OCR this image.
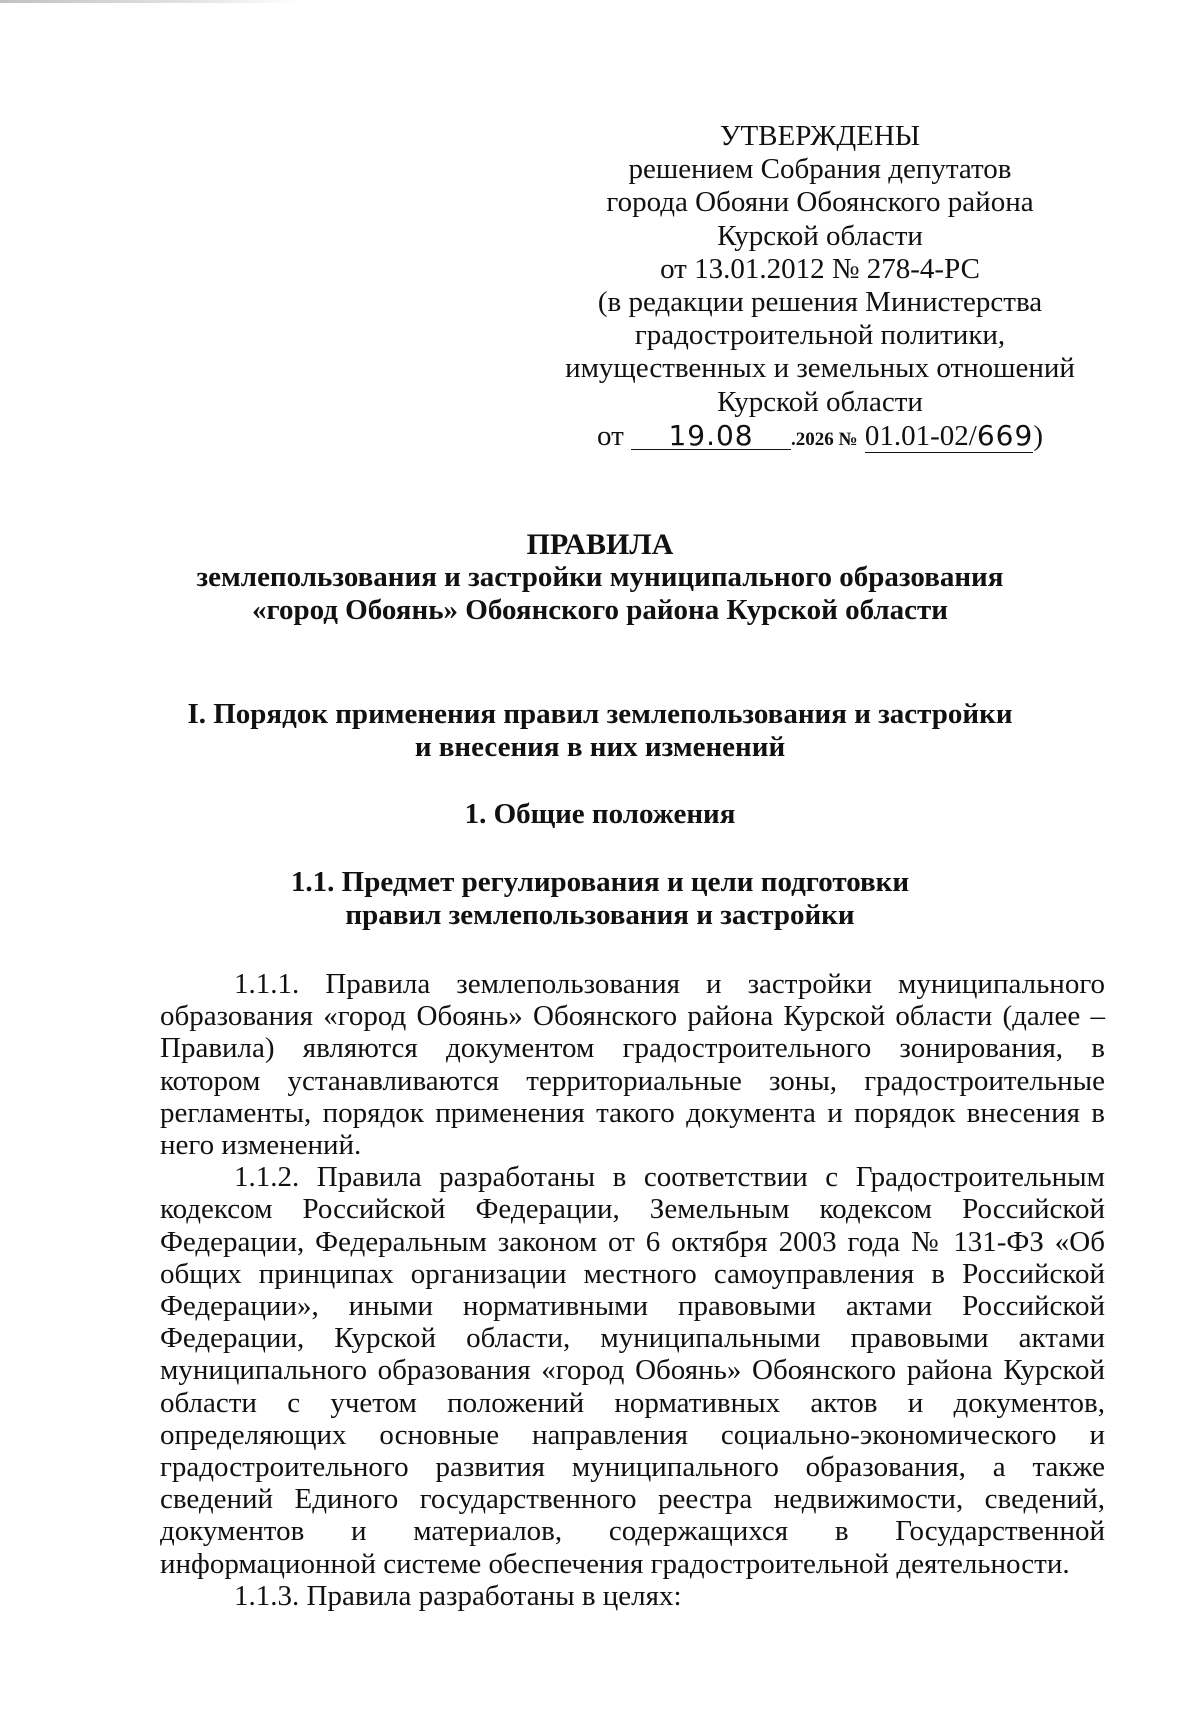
УТВЕРЖДЕНЫ
решением Собрания депутатов
города Обояни Обоянского района
Курской области
от 13.01.2012 № 278-4-РС
(в редакции решения Министерства
градостроительной политики,
имущественных и земельных отношений
Курской области
от 19.08 .2026 № 01.01-02/669)
ПРАВИЛА
землепользования и застройки муниципального образования
«город Обоянь» Обоянского района Курской области
I. Порядок применения правил землепользования и застройки
и внесения в них изменений
1. Общие положения
1.1. Предмет регулирования и цели подготовки
правил землепользования и застройки

1.1.1. Правила землепользования и застройки муниципального образования «город Обоянь» Обоянского района Курской области (далее – Правила) являются документом градостроительного зонирования, в котором устанавливаются территориальные зоны, градостроительные регламенты, порядок применения такого документа и порядок внесения в него изменений.

1.1.2. Правила разработаны в соответствии с Градостроительным кодексом Российской Федерации, Земельным кодексом Российской Федерации, Федеральным законом от 6 октября 2003 года № 131-ФЗ «Об общих принципах организации местного самоуправления в Российской Федерации», иными нормативными правовыми актами Российской Федерации, Курской области, муниципальными правовыми актами муниципального образования «город Обоянь» Обоянского района Курской области с учетом положений нормативных актов и документов, определяющих основные направления социально-экономического и градостроительного развития муниципального образования, а также сведений Единого государственного реестра недвижимости, сведений, документов и материалов, содержащихся в Государственной информационной системе обеспечения градостроительной деятельности.

1.1.3. Правила разработаны в целях:
